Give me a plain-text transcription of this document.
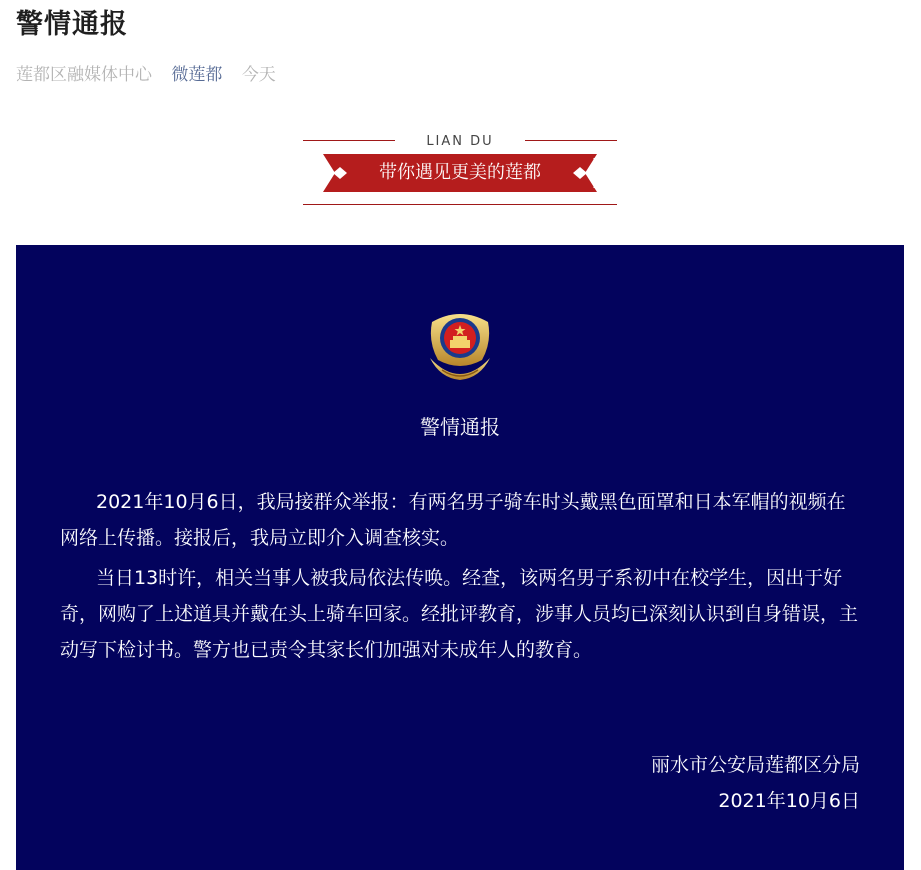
警情通报
莲都区融媒体中心 微莲都 今天
LIAN DU
带你遇见更美的莲都
警情通报

2021年10月6日，我局接群众举报：有两名男子骑车时头戴黑色面罩和日本军帽的视频在网络上传播。接报后，我局立即介入调查核实。

当日13时许，相关当事人被我局依法传唤。经查，该两名男子系初中在校学生，因出于好奇，网购了上述道具并戴在头上骑车回家。经批评教育，涉事人员均已深刻认识到自身错误，主动写下检讨书。警方也已责令其家长们加强对未成年人的教育。

丽水市公安局莲都区分局
2021年10月6日
